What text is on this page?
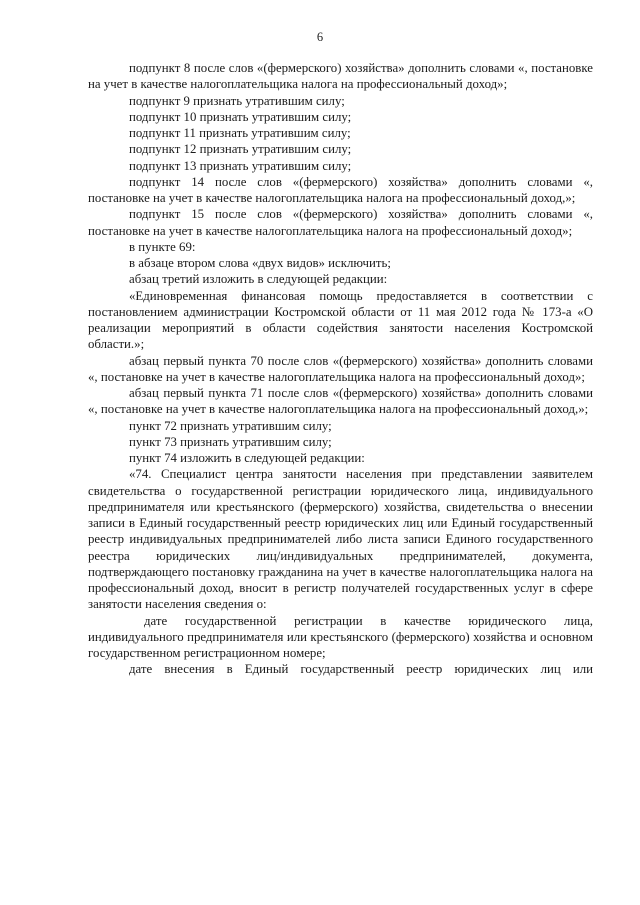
6

подпункт 8 после слов «(фермерского) хозяйства» дополнить словами «, постановке на учет в качестве налогоплательщика налога на профессиональный доход»;

подпункт 9 признать утратившим силу;

подпункт 10 признать утратившим силу;

подпункт 11 признать утратившим силу;

подпункт 12 признать утратившим силу;

подпункт 13 признать утратившим силу;

подпункт 14 после слов «(фермерского) хозяйства» дополнить словами «, постановке на учет в качестве налогоплательщика налога на профессиональный доход,»;

подпункт 15 после слов «(фермерского) хозяйства» дополнить словами «, постановке на учет в качестве налогоплательщика налога на профессиональный доход»;

в пункте 69:

в абзаце втором слова «двух видов» исключить;

абзац третий изложить в следующей редакции:

«Единовременная финансовая помощь предоставляется в соответствии с постановлением администрации Костромской области от 11 мая 2012 года № 173-а «О реализации мероприятий в области содействия занятости населения Костромской области.»;

абзац первый пункта 70 после слов «(фермерского) хозяйства» дополнить словами «, постановке на учет в качестве налогоплательщика налога на профессиональный доход»;

абзац первый пункта 71 после слов «(фермерского) хозяйства» дополнить словами «, постановке на учет в качестве налогоплательщика налога на профессиональный доход,»;

пункт 72 признать утратившим силу;

пункт 73 признать утратившим силу;

пункт 74 изложить в следующей редакции:

«74. Специалист центра занятости населения при представлении заявителем свидетельства о государственной регистрации юридического лица, индивидуального предпринимателя или крестьянского (фермерского) хозяйства, свидетельства о внесении записи в Единый государственный реестр юридических лиц или Единый государственный реестр индивидуальных предпринимателей либо листа записи Единого государственного реестра юридических лиц/индивидуальных предпринимателей, документа, подтверждающего постановку гражданина на учет в качестве налогоплательщика налога на профессиональный доход, вносит в регистр получателей государственных услуг в сфере занятости населения сведения о:

дате государственной регистрации в качестве юридического лица, индивидуального предпринимателя или крестьянского (фермерского) хозяйства и основном государственном регистрационном номере;

дате внесения в Единый государственный реестр юридических лиц или
